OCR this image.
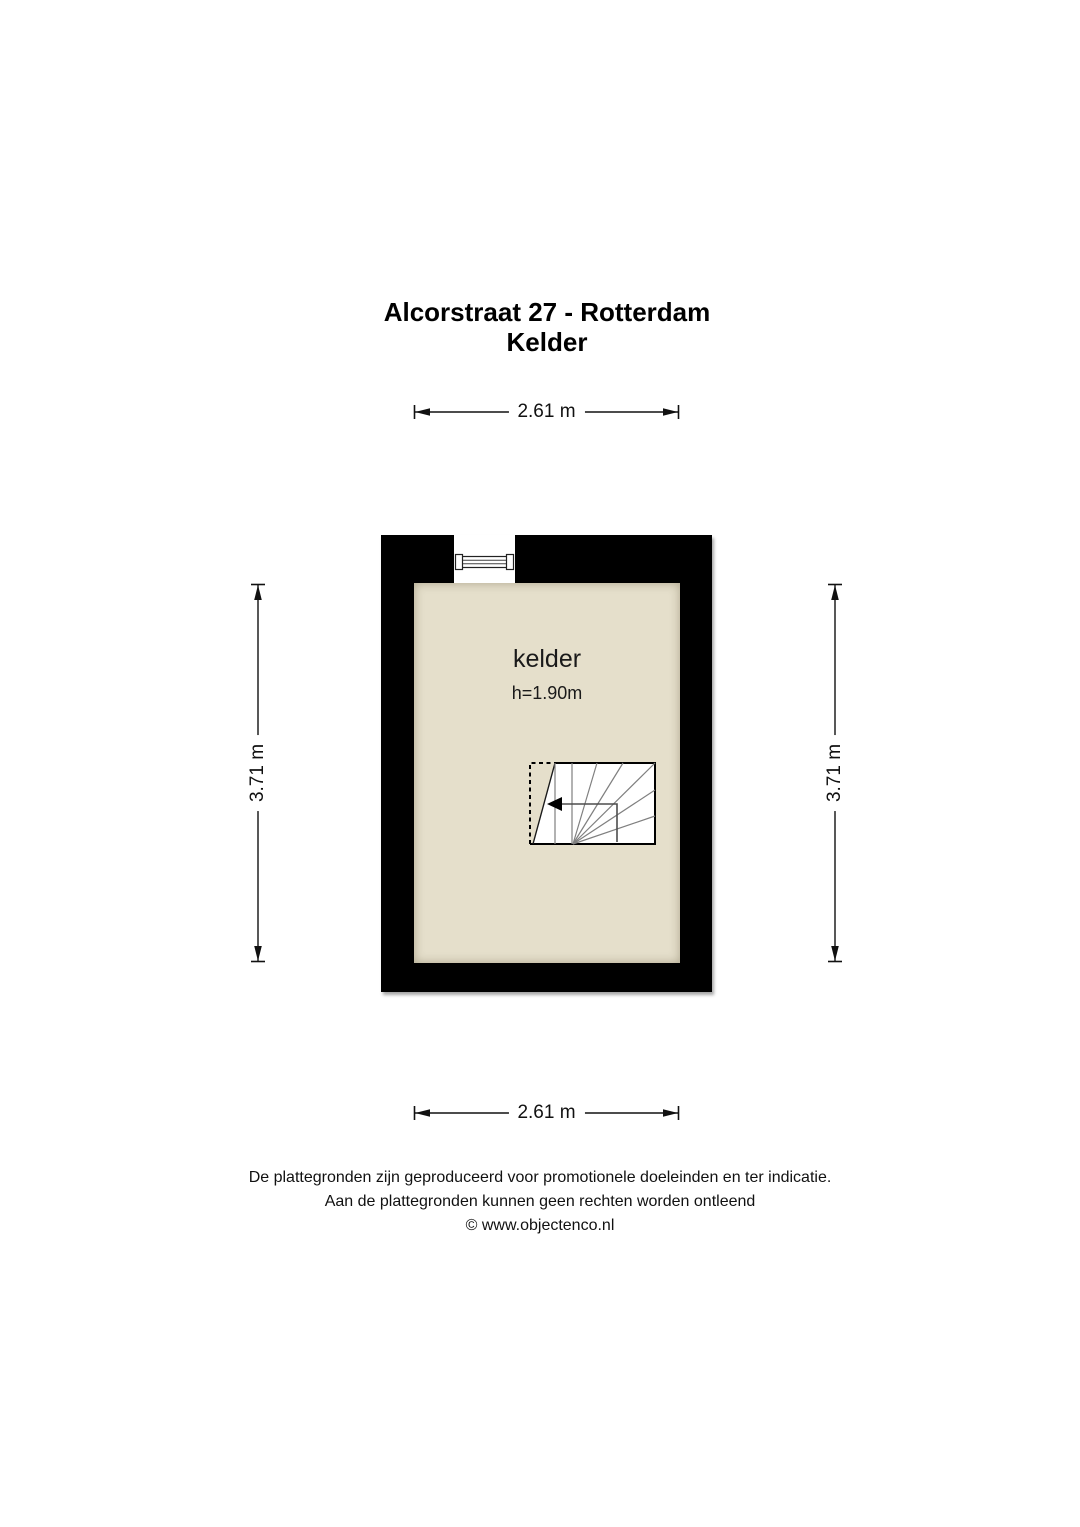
Alcorstraat 27 - Rotterdam
Kelder
2.61 m
3.71 m	3.71 m
kelder
h=1.90m
2.61 m
De plattegronden zijn geproduceerd voor promotionele doeleinden en ter indicatie.
Aan de plattegronden kunnen geen rechten worden ontleend
© www.objectenco.nl
